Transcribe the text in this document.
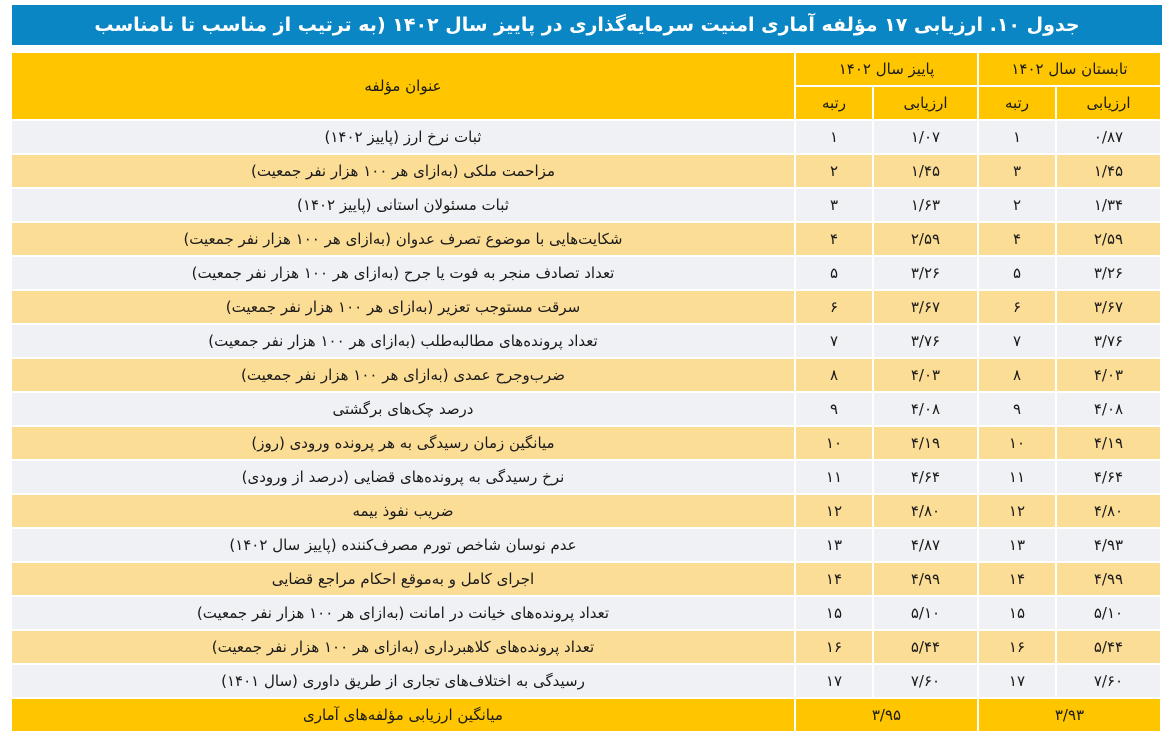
جدول ۱۰. ارزیابی ۱۷ مؤلفه آماری امنیت سرمایه‌گذاری در پاییز سال ۱۴۰۲ (به ترتیب از مناسب تا نامناسب
تابستان سال ۱۴۰۲		پاییز سال ۱۴۰۲		عنوان مؤلفه
ارزیابی	رتبه	ارزیابی	رتبه	
۰/۸۷	۱	۱/۰۷	۱	ثبات نرخ ارز (پاییز ۱۴۰۲)
۱/۴۵	۳	۱/۴۵	۲	مزاحمت ملکی (به‌ازای هر ۱۰۰ هزار نفر جمعیت)
۱/۳۴	۲	۱/۶۳	۳	ثبات مسئولان استانی (پاییز ۱۴۰۲)
۲/۵۹	۴	۲/۵۹	۴	شکایت‌هایی با موضوع تصرف عدوان (به‌ازای هر ۱۰۰ هزار نفر جمعیت)
۳/۲۶	۵	۳/۲۶	۵	تعداد تصادف منجر به فوت یا جرح (به‌ازای هر ۱۰۰ هزار نفر جمعیت)
۳/۶۷	۶	۳/۶۷	۶	سرقت مستوجب تعزیر (به‌ازای هر ۱۰۰ هزار نفر جمعیت)
۳/۷۶	۷	۳/۷۶	۷	تعداد پرونده‌های مطالبه‌طلب (به‌ازای هر ۱۰۰ هزار نفر جمعیت)
۴/۰۳	۸	۴/۰۳	۸	ضرب‌وجرح عمدی (به‌ازای هر ۱۰۰ هزار نفر جمعیت)
۴/۰۸	۹	۴/۰۸	۹	درصد چک‌های برگشتی
۴/۱۹	۱۰	۴/۱۹	۱۰	میانگین زمان رسیدگی به هر پرونده ورودی (روز)
۴/۶۴	۱۱	۴/۶۴	۱۱	نرخ رسیدگی به پرونده‌های قضایی (درصد از ورودی)
۴/۸۰	۱۲	۴/۸۰	۱۲	ضریب نفوذ بیمه
۴/۹۳	۱۳	۴/۸۷	۱۳	عدم نوسان شاخص تورم مصرف‌کننده (پاییز سال ۱۴۰۲)
۴/۹۹	۱۴	۴/۹۹	۱۴	اجرای کامل و به‌موقع احکام مراجع قضایی
۵/۱۰	۱۵	۵/۱۰	۱۵	تعداد پرونده‌های خیانت در امانت (به‌ازای هر ۱۰۰ هزار نفر جمعیت)
۵/۴۴	۱۶	۵/۴۴	۱۶	تعداد پرونده‌های کلاهبرداری (به‌ازای هر ۱۰۰ هزار نفر جمعیت)
۷/۶۰	۱۷	۷/۶۰	۱۷	رسیدگی به اختلاف‌های تجاری از طریق داوری (سال ۱۴۰۱)
۳/۹۳		۳/۹۵		میانگین ارزیابی مؤلفه‌های آماری
